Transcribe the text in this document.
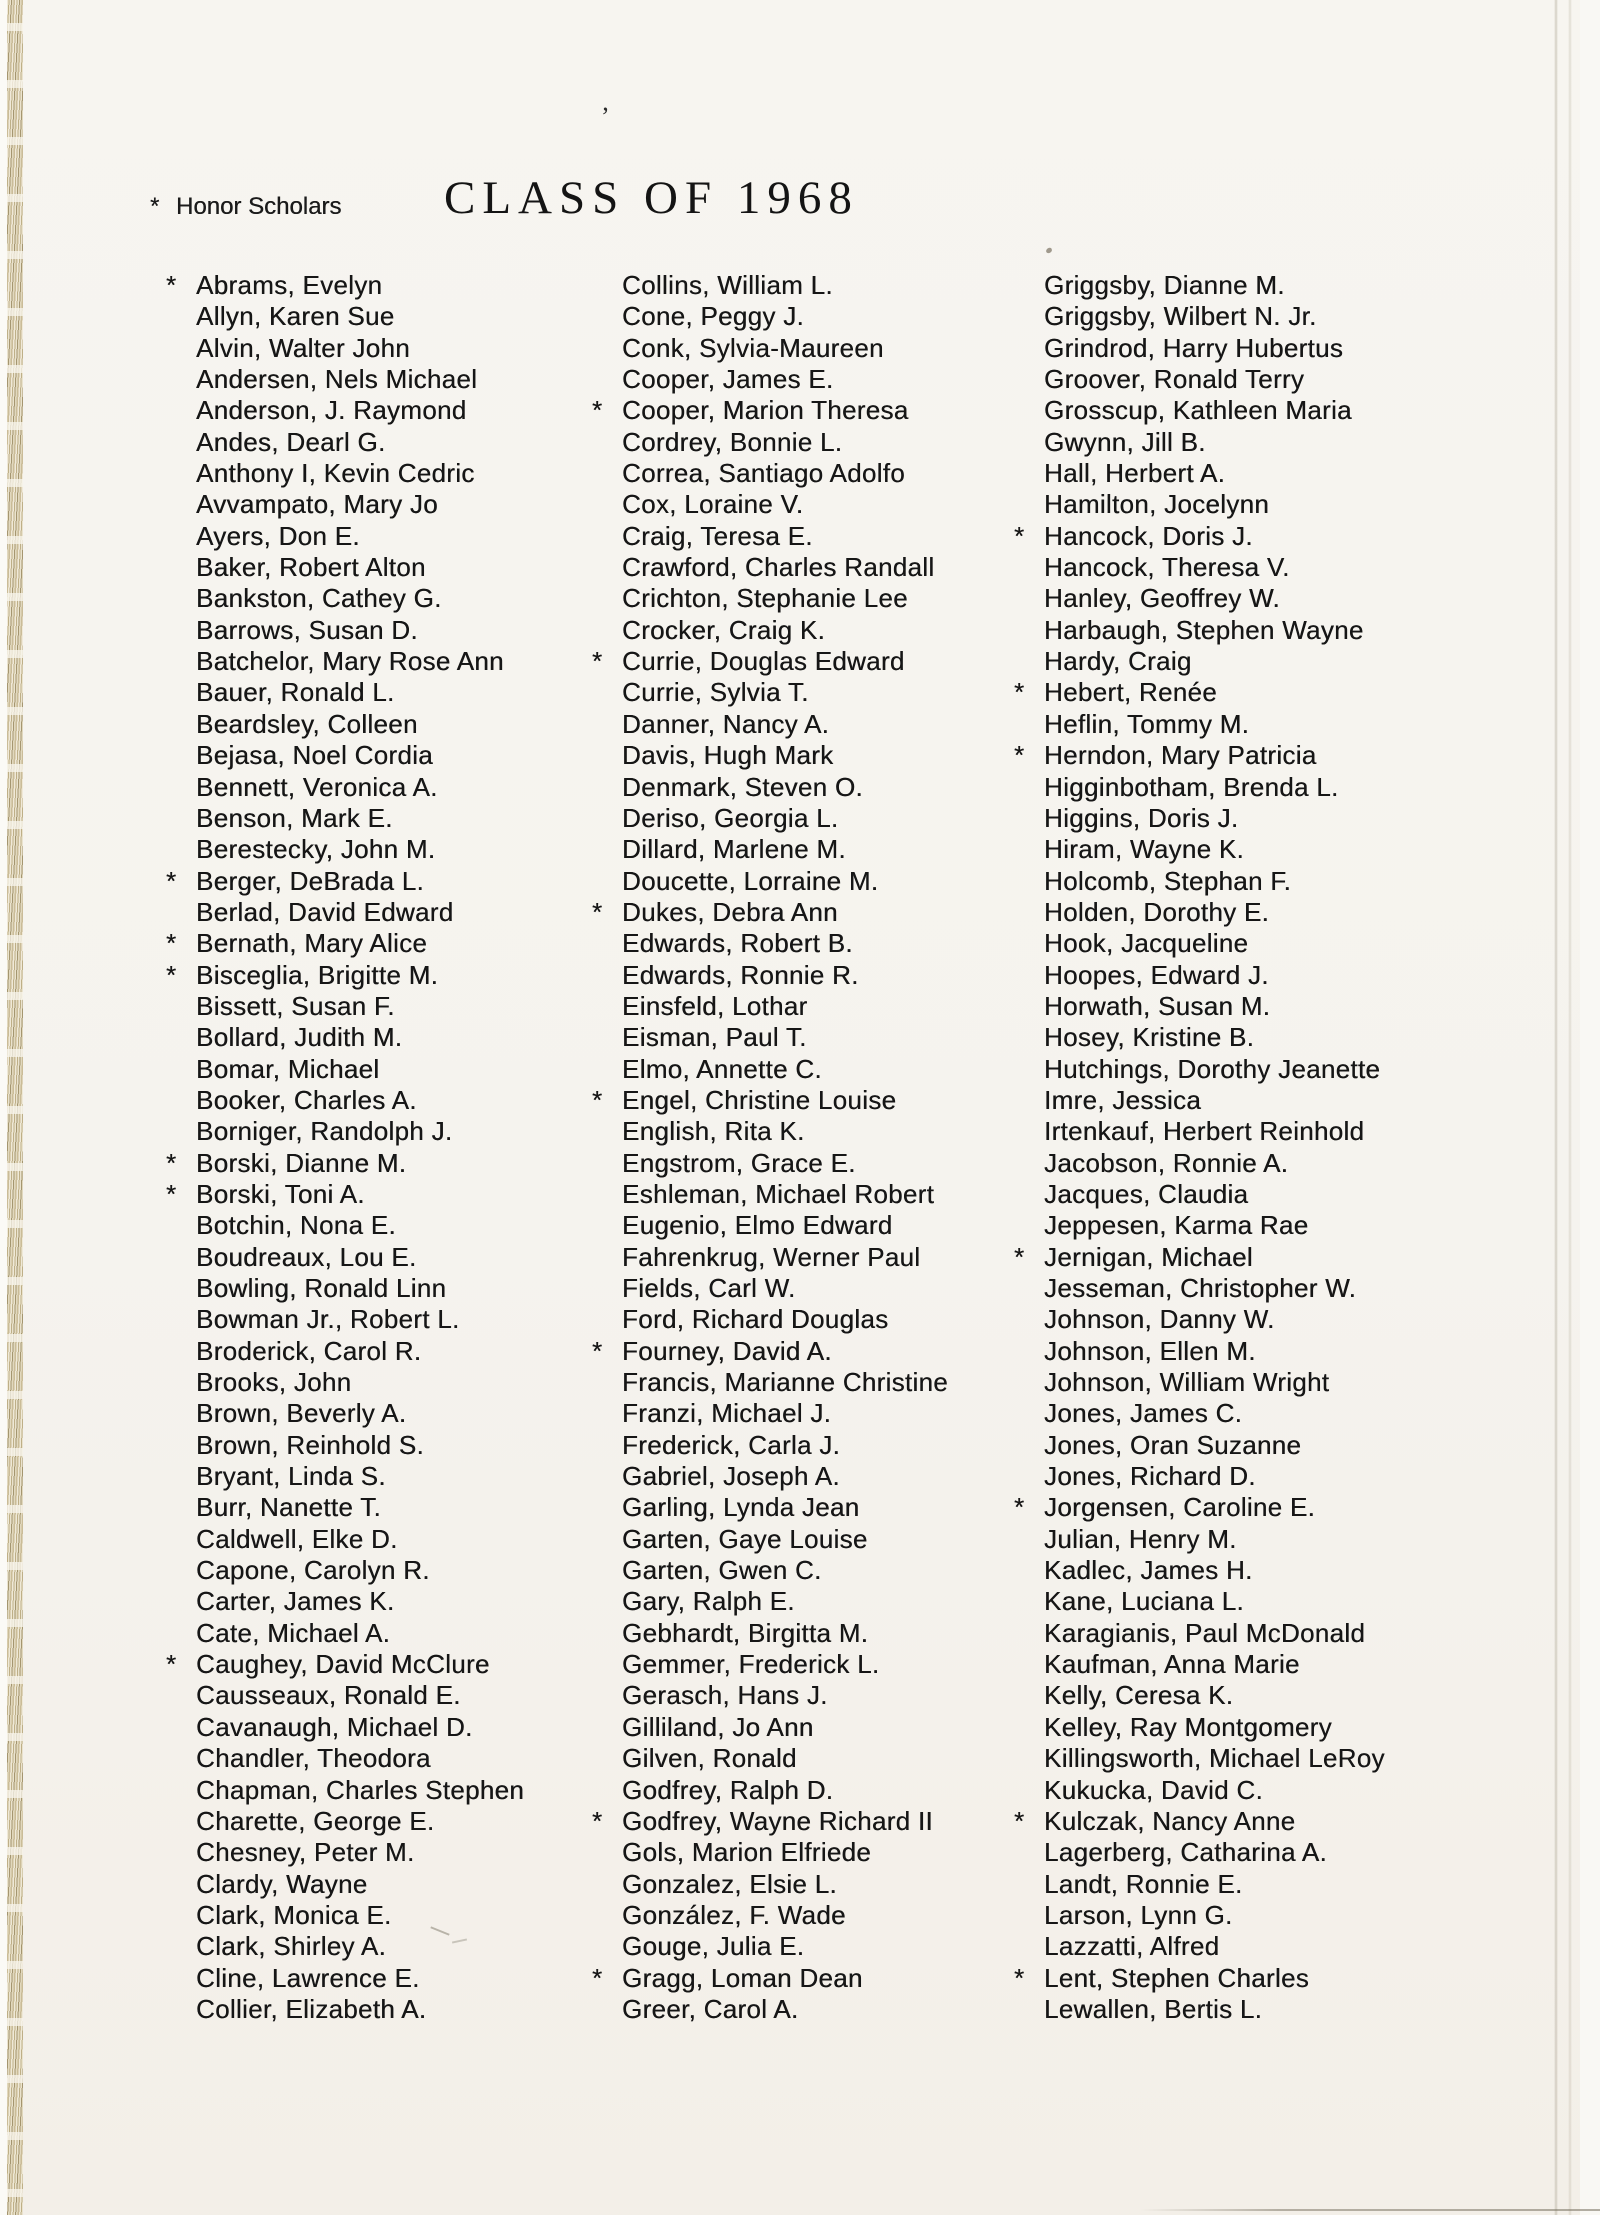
* Honor Scholars CLASS OF 1968
’
* Abrams, Evelyn
Allyn, Karen Sue
Alvin, Walter John
Andersen, Nels Michael
Anderson, J. Raymond
Andes, Dearl G.
Anthony I, Kevin Cedric
Avvampato, Mary Jo
Ayers, Don E.
Baker, Robert Alton
Bankston, Cathey G.
Barrows, Susan D.
Batchelor, Mary Rose Ann
Bauer, Ronald L.
Beardsley, Colleen
Bejasa, Noel Cordia
Bennett, Veronica A.
Benson, Mark E.
Berestecky, John M.
* Berger, DeBrada L.
Berlad, David Edward
* Bernath, Mary Alice
* Bisceglia, Brigitte M.
Bissett, Susan F.
Bollard, Judith M.
Bomar, Michael
Booker, Charles A.
Borniger, Randolph J.
* Borski, Dianne M.
* Borski, Toni A.
Botchin, Nona E.
Boudreaux, Lou E.
Bowling, Ronald Linn
Bowman Jr., Robert L.
Broderick, Carol R.
Brooks, John
Brown, Beverly A.
Brown, Reinhold S.
Bryant, Linda S.
Burr, Nanette T.
Caldwell, Elke D.
Capone, Carolyn R.
Carter, James K.
Cate, Michael A.
* Caughey, David McClure
Causseaux, Ronald E.
Cavanaugh, Michael D.
Chandler, Theodora
Chapman, Charles Stephen
Charette, George E.
Chesney, Peter M.
Clardy, Wayne
Clark, Monica E.
Clark, Shirley A.
Cline, Lawrence E.
Collier, Elizabeth A.
Collins, William L.
Cone, Peggy J.
Conk, Sylvia-Maureen
Cooper, James E.
* Cooper, Marion Theresa
Cordrey, Bonnie L.
Correa, Santiago Adolfo
Cox, Loraine V.
Craig, Teresa E.
Crawford, Charles Randall
Crichton, Stephanie Lee
Crocker, Craig K.
* Currie, Douglas Edward
Currie, Sylvia T.
Danner, Nancy A.
Davis, Hugh Mark
Denmark, Steven O.
Deriso, Georgia L.
Dillard, Marlene M.
Doucette, Lorraine M.
* Dukes, Debra Ann
Edwards, Robert B.
Edwards, Ronnie R.
Einsfeld, Lothar
Eisman, Paul T.
Elmo, Annette C.
* Engel, Christine Louise
English, Rita K.
Engstrom, Grace E.
Eshleman, Michael Robert
Eugenio, Elmo Edward
Fahrenkrug, Werner Paul
Fields, Carl W.
Ford, Richard Douglas
* Fourney, David A.
Francis, Marianne Christine
Franzi, Michael J.
Frederick, Carla J.
Gabriel, Joseph A.
Garling, Lynda Jean
Garten, Gaye Louise
Garten, Gwen C.
Gary, Ralph E.
Gebhardt, Birgitta M.
Gemmer, Frederick L.
Gerasch, Hans J.
Gilliland, Jo Ann
Gilven, Ronald
Godfrey, Ralph D.
* Godfrey, Wayne Richard II
Gols, Marion Elfriede
Gonzalez, Elsie L.
González, F. Wade
Gouge, Julia E.
* Gragg, Loman Dean
Greer, Carol A.
Griggsby, Dianne M.
Griggsby, Wilbert N. Jr.
Grindrod, Harry Hubertus
Groover, Ronald Terry
Grosscup, Kathleen Maria
Gwynn, Jill B.
Hall, Herbert A.
Hamilton, Jocelynn
* Hancock, Doris J.
Hancock, Theresa V.
Hanley, Geoffrey W.
Harbaugh, Stephen Wayne
Hardy, Craig
* Hebert, Renée
Heflin, Tommy M.
* Herndon, Mary Patricia
Higginbotham, Brenda L.
Higgins, Doris J.
Hiram, Wayne K.
Holcomb, Stephan F.
Holden, Dorothy E.
Hook, Jacqueline
Hoopes, Edward J.
Horwath, Susan M.
Hosey, Kristine B.
Hutchings, Dorothy Jeanette
Imre, Jessica
Irtenkauf, Herbert Reinhold
Jacobson, Ronnie A.
Jacques, Claudia
Jeppesen, Karma Rae
* Jernigan, Michael
Jesseman, Christopher W.
Johnson, Danny W.
Johnson, Ellen M.
Johnson, William Wright
Jones, James C.
Jones, Oran Suzanne
Jones, Richard D.
* Jorgensen, Caroline E.
Julian, Henry M.
Kadlec, James H.
Kane, Luciana L.
Karagianis, Paul McDonald
Kaufman, Anna Marie
Kelly, Ceresa K.
Kelley, Ray Montgomery
Killingsworth, Michael LeRoy
Kukucka, David C.
* Kulczak, Nancy Anne
Lagerberg, Catharina A.
Landt, Ronnie E.
Larson, Lynn G.
Lazzatti, Alfred
* Lent, Stephen Charles
Lewallen, Bertis L.
